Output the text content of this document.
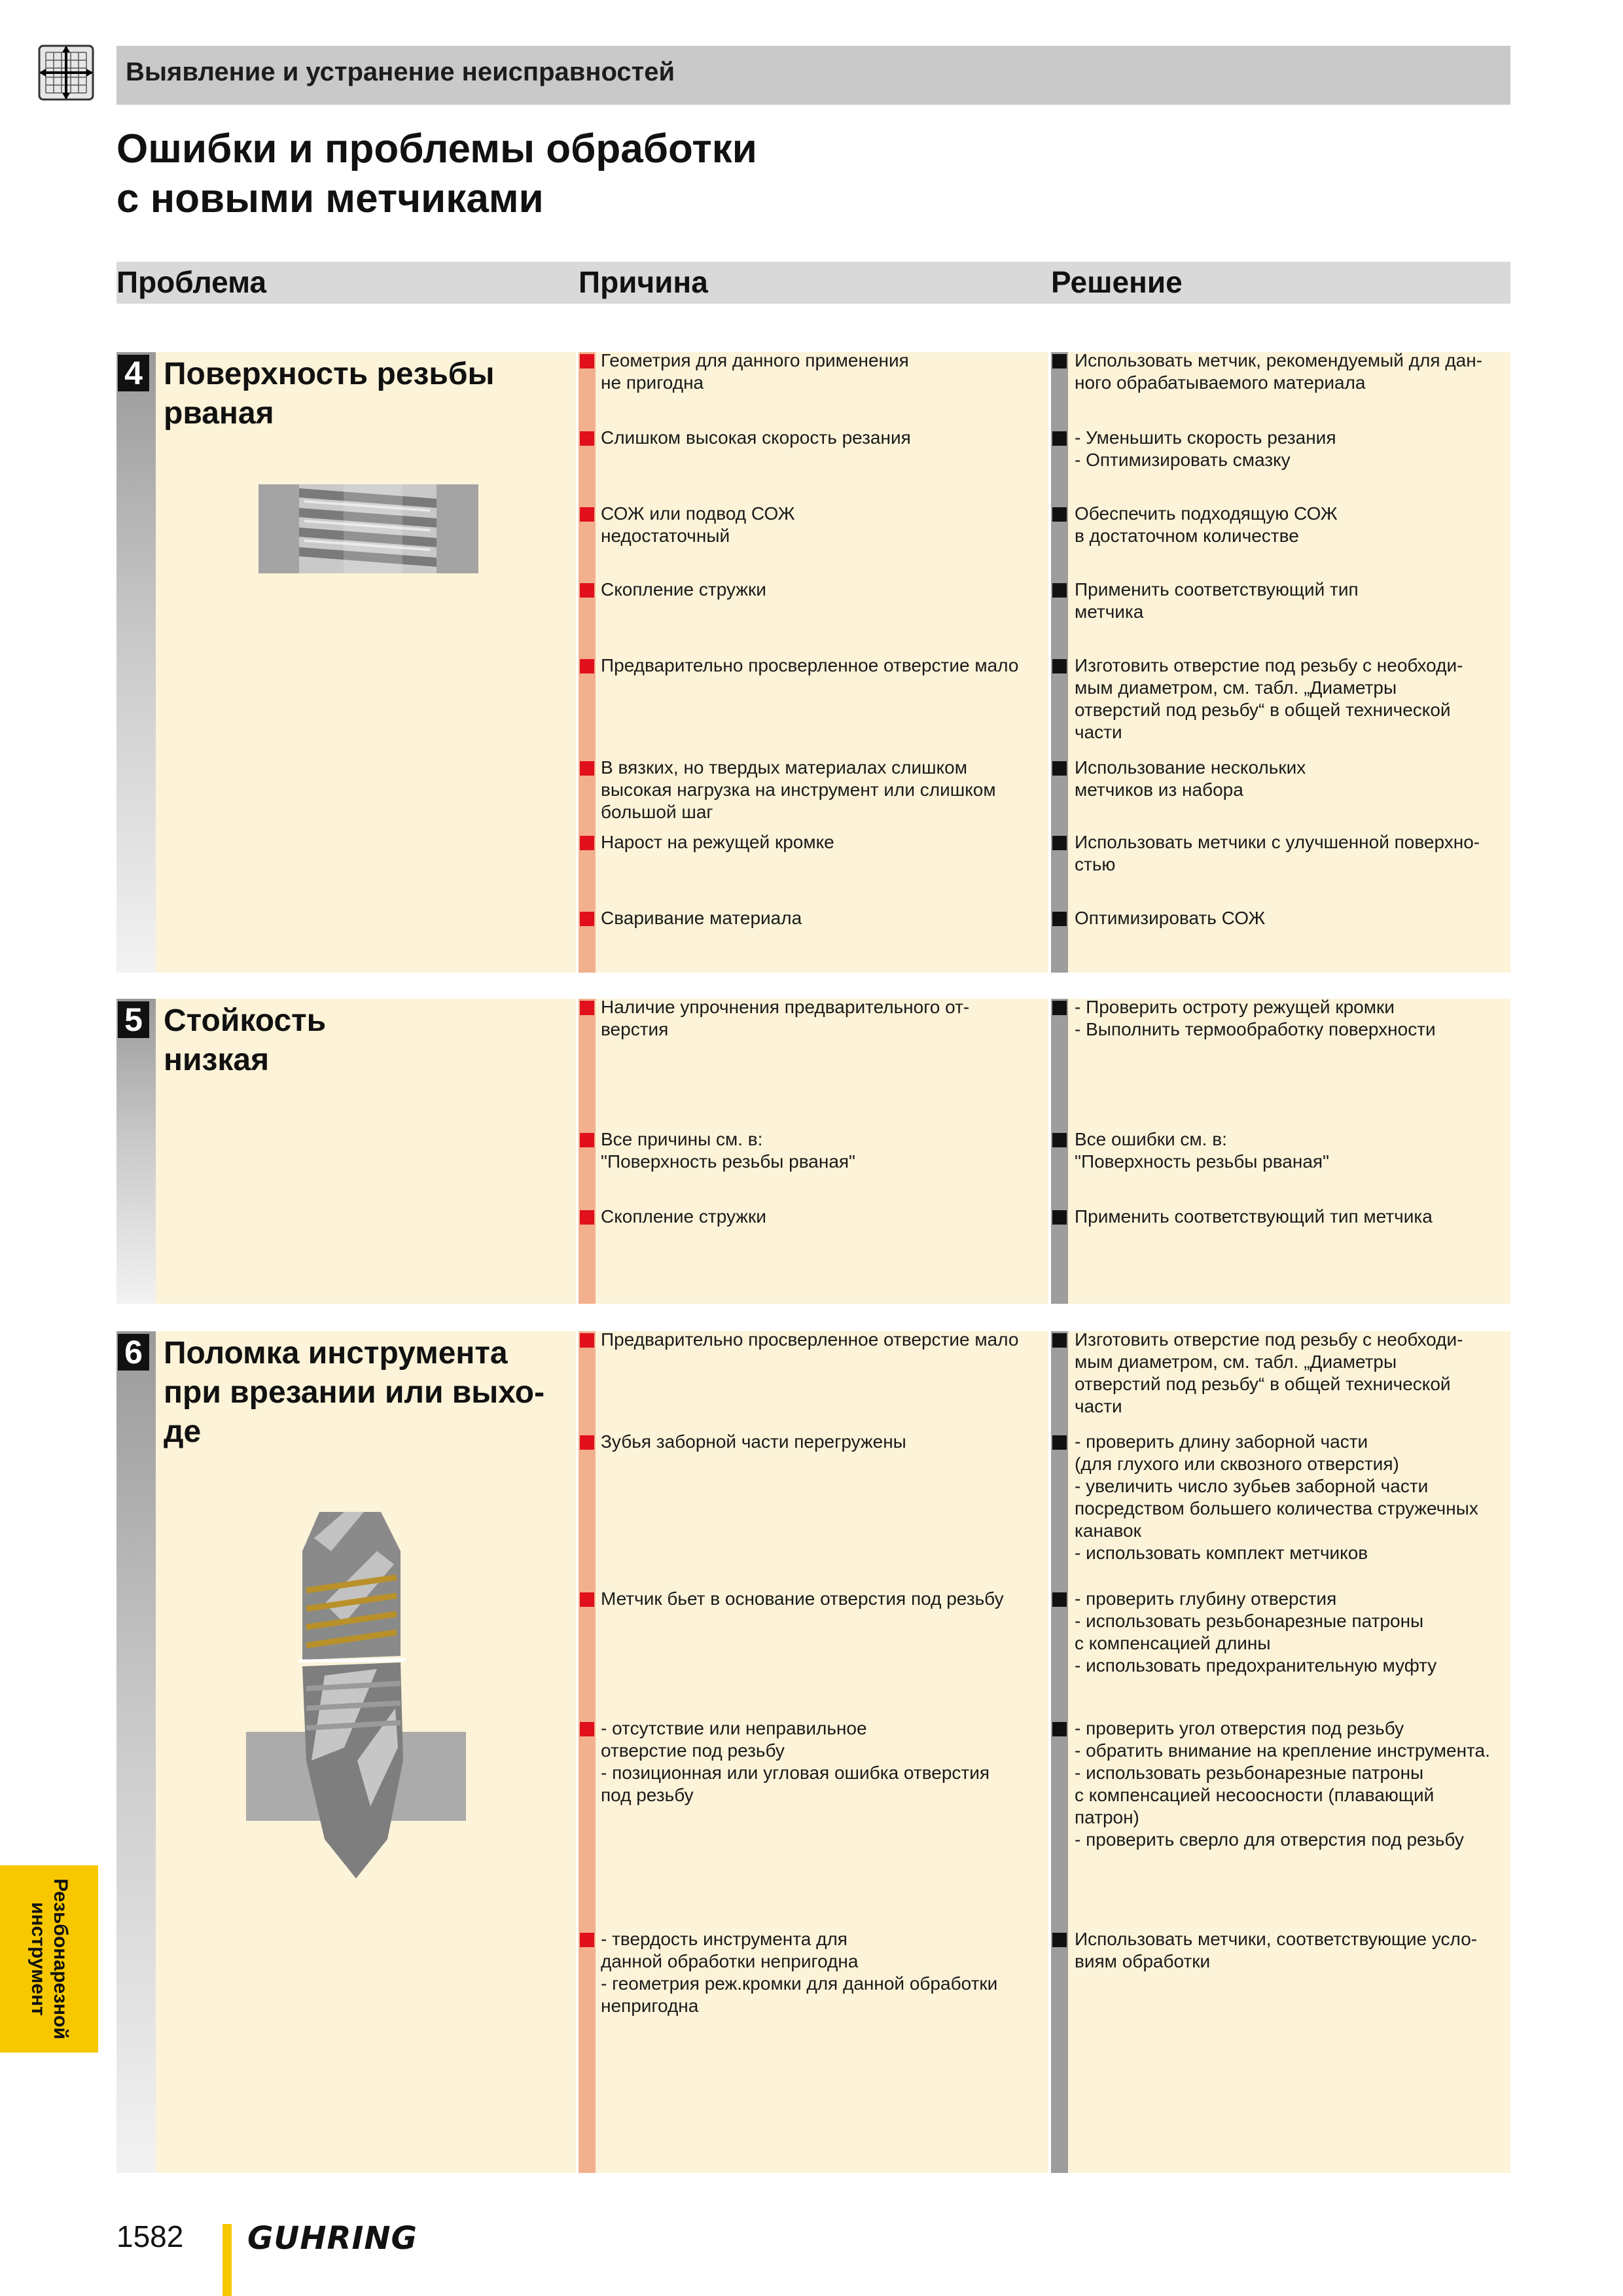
Выявление и устранение неисправностей
Ошибки и проблемы обработки
с новыми метчиками
Проблема	Причина	Решение
4 Поверхность резьбы
рваная
Геометрия для данного применения
не пригодна
Слишком высокая скорость резания
СОЖ или подвод СОЖ
недостаточный
Скопление стружки
Предварительно просверленное отверстие мало
В вязких, но твердых материалах слишком
высокая нагрузка на инструмент или слишком
большой шаг
Нарост на режущей кромке
Сваривание материала
Использовать метчик, рекомендуемый для дан-
ного обрабатываемого материала
- Уменьшить скорость резания
- Оптимизировать смазку
Обеспечить подходящую СОЖ
в достаточном количестве
Применить соответствующий тип
метчика
Изготовить отверстие под резьбу с необходи-
мым диаметром, см. табл. „Диаметры
отверстий под резьбу“ в общей технической
части
Использование нескольких
метчиков из набора
Использовать метчики с улучшенной поверхно-
стью
Оптимизировать СОЖ
5 Стойкость
низкая
Наличие упрочнения предварительного от-
верстия
Все причины см. в:
"Поверхность резьбы рваная"
Скопление стружки
- Проверить остроту режущей кромки
- Выполнить термообработку поверхности
Все ошибки см. в:
"Поверхность резьбы рваная"
Применить соответствующий тип метчика
6 Поломка инструмента
при врезании или выхо-
де
Предварительно просверленное отверстие мало
Зубья заборной части перегружены
Метчик бьет в основание отверстия под резьбу
- отсутствие или неправильное
отверстие под резьбу
- позиционная или угловая ошибка отверстия
под резьбу
- твердость инструмента для
данной обработки непригодна
- геометрия реж.кромки для данной обработки
непригодна
Изготовить отверстие под резьбу с необходи-
мым диаметром, см. табл. „Диаметры
отверстий под резьбу“ в общей технической
части
- проверить длину заборной части
(для глухого или сквозного отверстия)
- увеличить число зубьев заборной части
посредством большего количества стружечных
канавок
- использовать комплект метчиков
- проверить глубину отверстия
- использовать резьбонарезные патроны
с компенсацией длины
- использовать предохранительную муфту
- проверить угол отверстия под резьбу
- обратить внимание на крепление инструмента.
- использовать резьбонарезные патроны
с компенсацией несоосности (плавающий
патрон)
- проверить сверло для отверстия под резьбу
Использовать метчики, соответствующие усло-
виям обработки
Резьбонарезной
инструмент
1582 GUHRING
